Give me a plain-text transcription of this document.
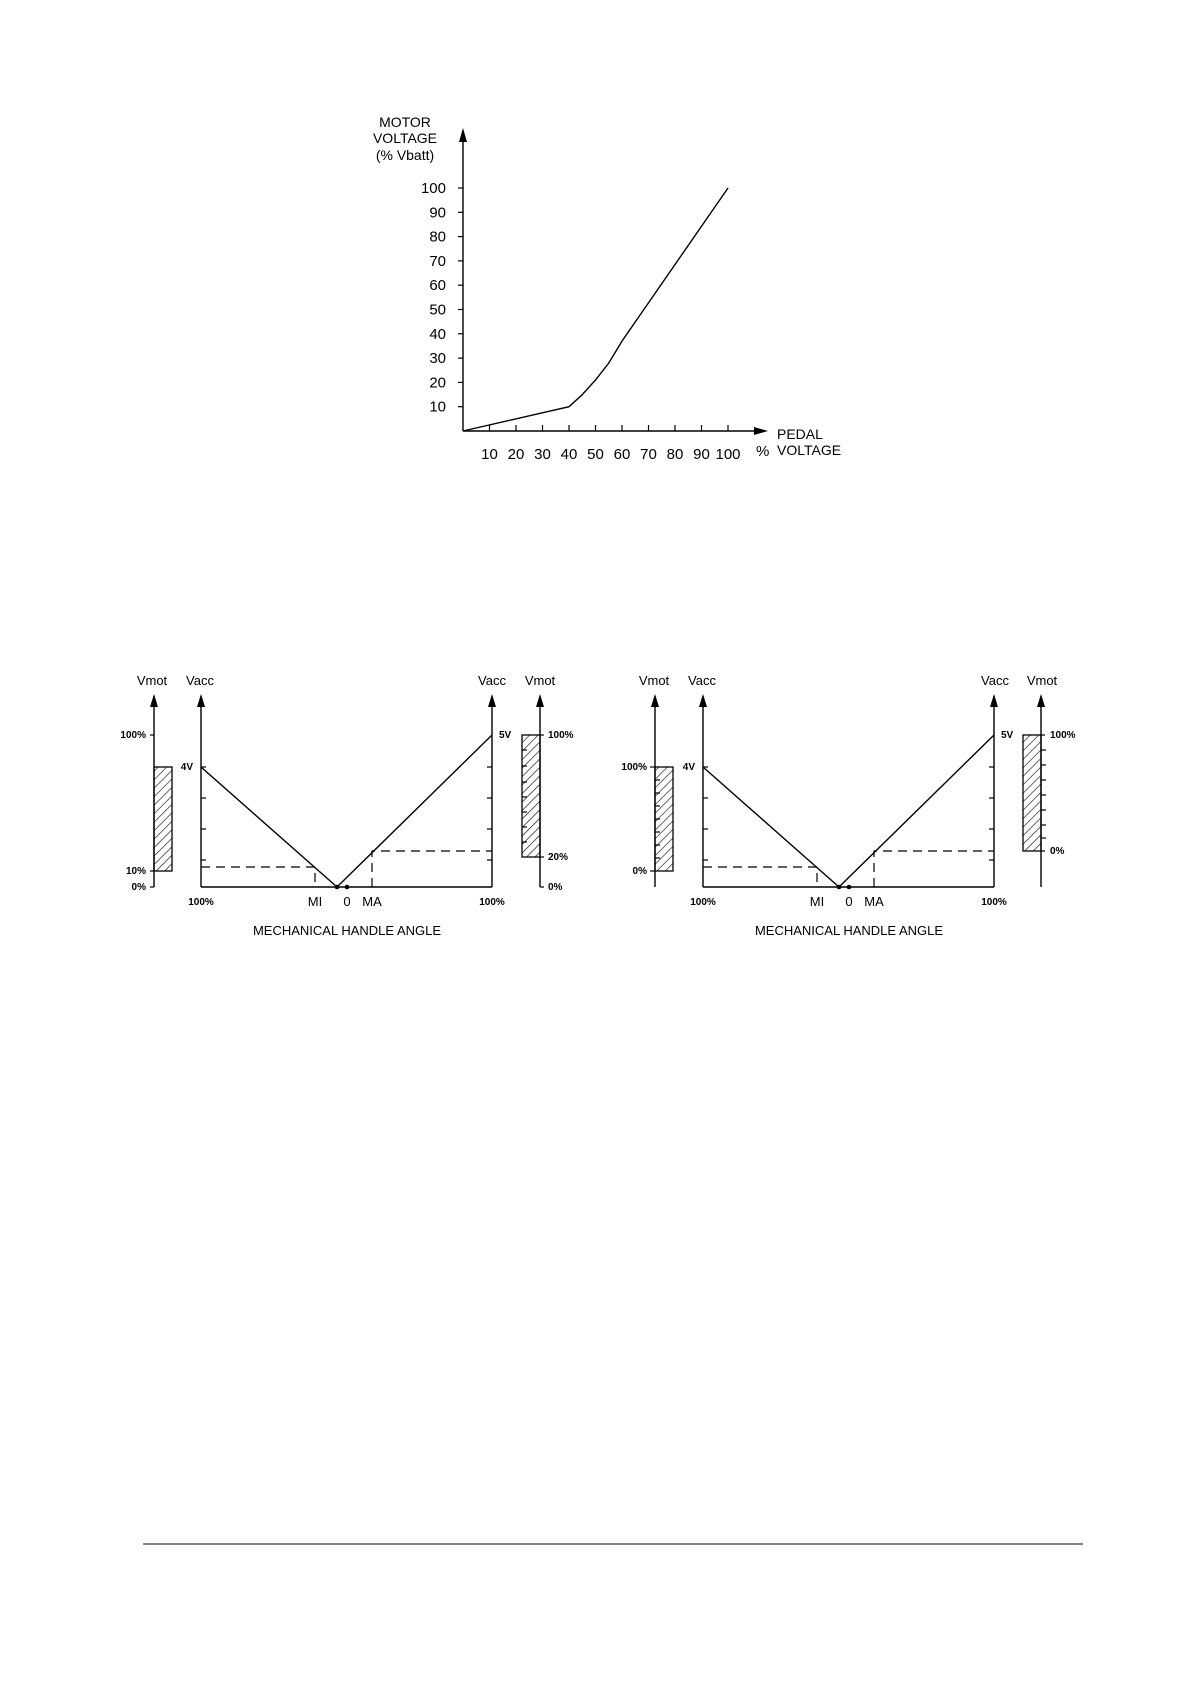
MOTOR
VOLTAGE
(% Vbatt)
PEDAL
VOLTAGE
%
10 20 30 40 50 60 70 80 90 100
10
20
30
40
50
60
70
80
90
100
Vmot Vacc	Vacc Vmot
100%
10%
0%
4V
5V	100%
20%
0%
100%	MI 0 MA	100%
MECHANICAL HANDLE ANGLE
Vmot Vacc	Vacc Vmot
100%
0%
4V
5V	100%
0%
100%	MI 0 MA	100%
MECHANICAL HANDLE ANGLE
